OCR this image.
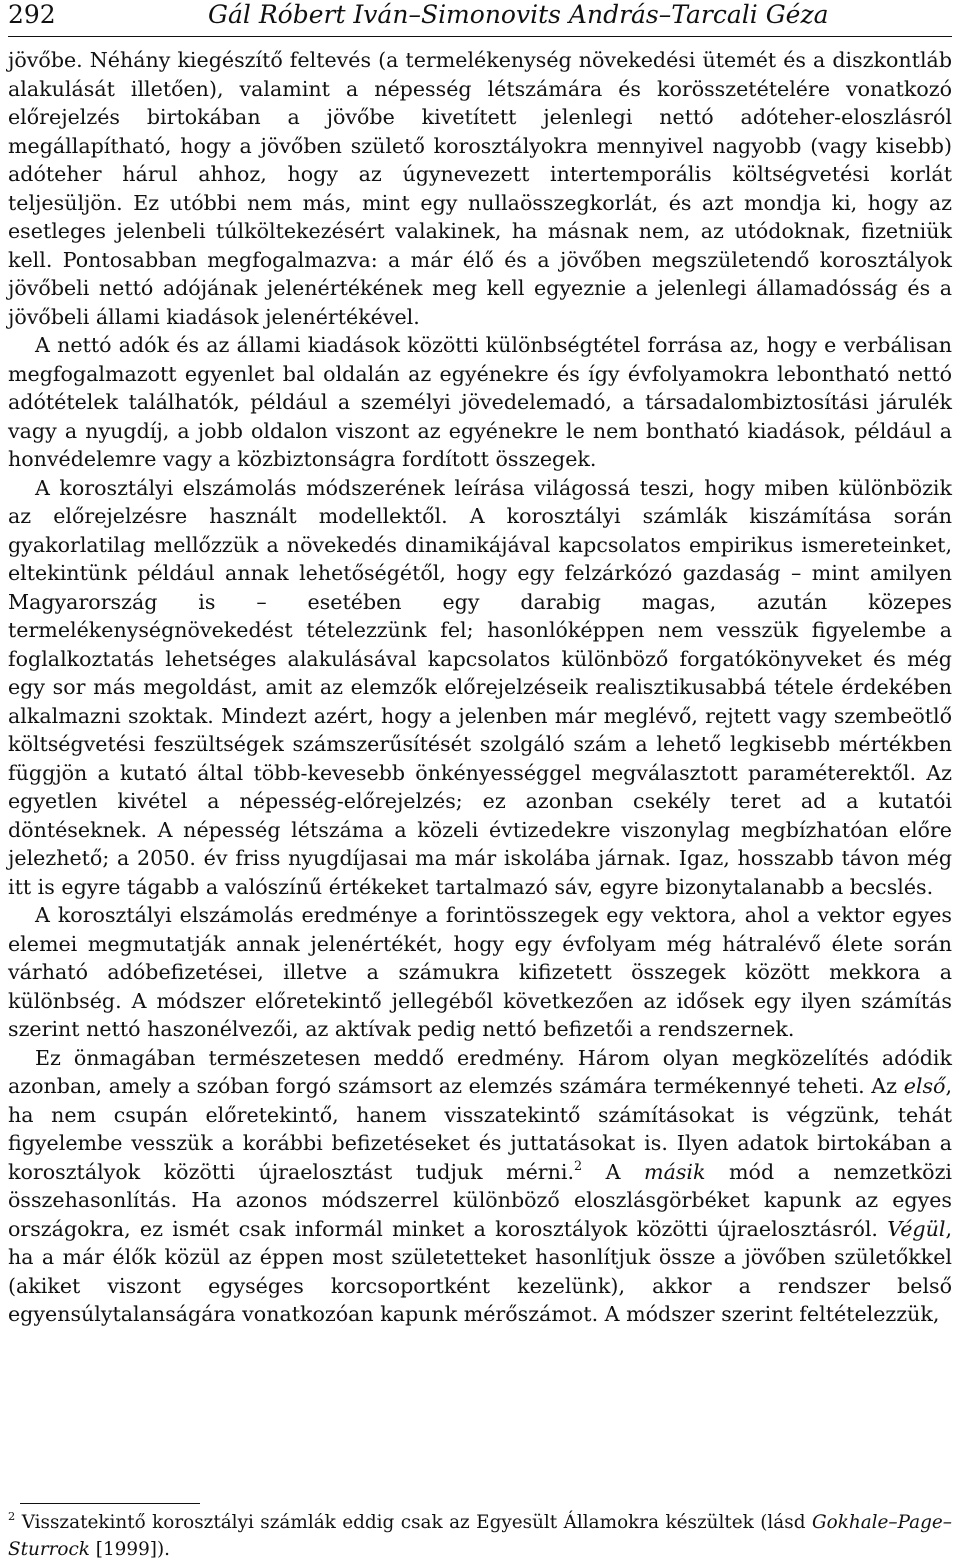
292	Gál Róbert Iván–Simonovits András–Tarcali Géza

jövőbe. Néhány kiegészítő feltevés (a termelékenység növekedési ütemét és a diszkontláb alakulását illetően), valamint a népesség létszámára és korösszetételére vonatkozó előrejelzés birtokában a jövőbe kivetített jelenlegi nettó adóteher-eloszlásról megállapítható, hogy a jövőben születő korosztályokra mennyivel nagyobb (vagy kisebb) adóteher hárul ahhoz, hogy az úgynevezett intertemporális költségvetési korlát teljesüljön. Ez utóbbi nem más, mint egy nullaösszegkorlát, és azt mondja ki, hogy az esetleges jelenbeli túlköltekezésért valakinek, ha másnak nem, az utódoknak, fizetniük kell. Pontosabban megfogalmazva: a már élő és a jövőben megszületendő korosztályok jövőbeli nettó adójának jelenértékének meg kell egyeznie a jelenlegi államadósság és a jövőbeli állami kiadások jelenértékével.

A nettó adók és az állami kiadások közötti különbségtétel forrása az, hogy e verbálisan megfogalmazott egyenlet bal oldalán az egyénekre és így évfolyamokra lebontható nettó adótételek találhatók, például a személyi jövedelemadó, a társadalombiztosítási járulék vagy a nyugdíj, a jobb oldalon viszont az egyénekre le nem bontható kiadások, például a honvédelemre vagy a közbiztonságra fordított összegek.

A korosztályi elszámolás módszerének leírása világossá teszi, hogy miben különbözik az előrejelzésre használt modellektől. A korosztályi számlák kiszámítása során gyakorlatilag mellőzzük a növekedés dinamikájával kapcsolatos empirikus ismereteinket, eltekintünk például annak lehetőségétől, hogy egy felzárkózó gazdaság – mint amilyen Magyarország is – esetében egy darabig magas, azután közepes termelékenységnövekedést tételezzünk fel; hasonlóképpen nem vesszük figyelembe a foglalkoztatás lehetséges alakulásával kapcsolatos különböző forgatókönyveket és még egy sor más megoldást, amit az elemzők előrejelzéseik realisztikusabbá tétele érdekében alkalmazni szoktak. Mindezt azért, hogy a jelenben már meglévő, rejtett vagy szembeötlő költségvetési feszültségek számszerűsítését szolgáló szám a lehető legkisebb mértékben függjön a kutató által több-kevesebb önkényességgel megválasztott paraméterektől. Az egyetlen kivétel a népesség-előrejelzés; ez azonban csekély teret ad a kutatói döntéseknek. A népesség létszáma a közeli évtizedekre viszonylag megbízhatóan előre jelezhető; a 2050. év friss nyugdíjasai ma már iskolába járnak. Igaz, hosszabb távon még itt is egyre tágabb a valószínű értékeket tartalmazó sáv, egyre bizonytalanabb a becslés.

A korosztályi elszámolás eredménye a forintösszegek egy vektora, ahol a vektor egyes elemei megmutatják annak jelenértékét, hogy egy évfolyam még hátralévő élete során várható adóbefizetései, illetve a számukra kifizetett összegek között mekkora a különbség. A módszer előretekintő jellegéből következően az idősek egy ilyen számítás szerint nettó haszonélvezői, az aktívak pedig nettó befizetői a rendszernek.

Ez önmagában természetesen meddő eredmény. Három olyan megközelítés adódik azonban, amely a szóban forgó számsort az elemzés számára termékennyé teheti. Az első, ha nem csupán előretekintő, hanem visszatekintő számításokat is végzünk, tehát figyelembe vesszük a korábbi befizetéseket és juttatásokat is. Ilyen adatok birtokában a korosztályok közötti újraelosztást tudjuk mérni.$^2$ A másik mód a nemzetközi összehasonlítás. Ha azonos módszerrel különböző eloszlásgörbéket kapunk az egyes országokra, ez ismét csak informál minket a korosztályok közötti újraelosztásról. Végül, ha a már élők közül az éppen most születetteket hasonlítjuk össze a jövőben születőkkel (akiket viszont egységes korcsoportként kezelünk), akkor a rendszer belső egyensúlytalanságára vonatkozóan kapunk mérőszámot. A módszer szerint feltételezzük,

$^2$ Visszatekintő korosztályi számlák eddig csak az Egyesült Államokra készültek (lásd Gokhale–Page–Sturrock [1999]).
